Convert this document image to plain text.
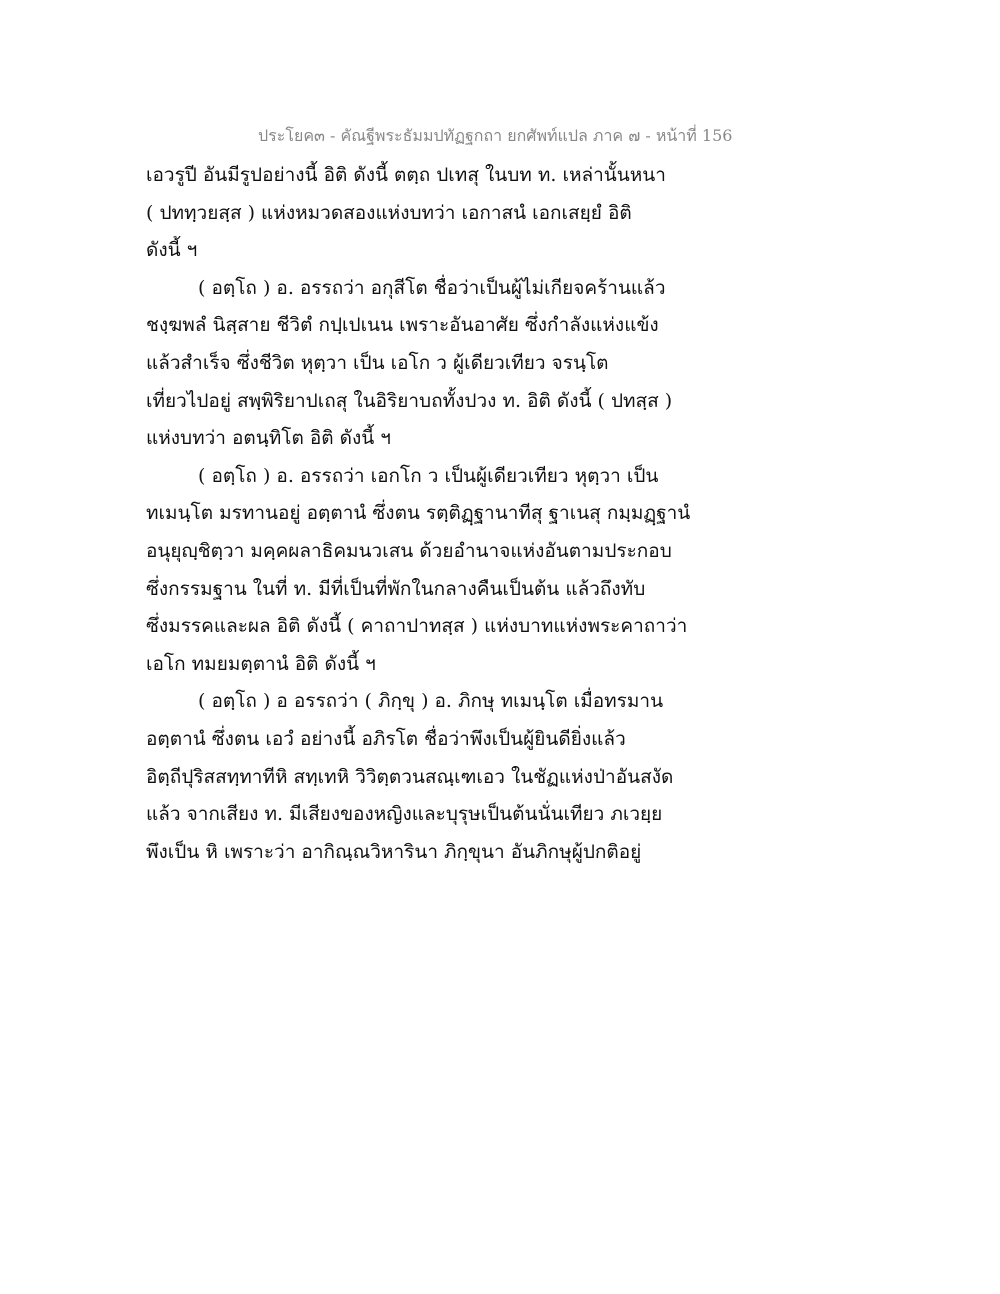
ประโยค๓ - คัณฐีพระธัมมปทัฏฐกถา ยกศัพท์แปล ภาค ๗ - หน้าที่ 156
เอวรูปี อันมีรูปอย่างนี้ อิติ ดังนี้ ตตฺถ ปเทสุ ในบท ท. เหล่านั้นหนา
( ปททฺวยสฺส ) แห่งหมวดสองแห่งบทว่า เอกาสนํ เอกเสยฺยํ อิติ
ดังนี้ ฯ
( อตฺโถ ) อ. อรรถว่า อกุสีโต ชื่อว่าเป็นผู้ไม่เกียจคร้านแล้ว
ชงฺฆพลํ นิสฺสาย ชีวิตํ กปฺเปเนน เพราะอันอาศัย ซึ่งกำลังแห่งแข้ง
แล้วสำเร็จ ซึ่งชีวิต หุตฺวา เป็น เอโก ว ผู้เดียวเทียว จรนฺโต
เที่ยวไปอยู่ สพฺพิริยาปเถสุ ในอิริยาบถทั้งปวง ท. อิติ ดังนี้ ( ปทสฺส )
แห่งบทว่า อตนฺทิโต อิติ ดังนี้ ฯ
( อตฺโถ ) อ. อรรถว่า เอกโก ว เป็นผู้เดียวเทียว หุตฺวา เป็น
ทเมนฺโต มรทานอยู่ อตฺตานํ ซึ่งตน รตฺติฏฺฐานาทีสุ ฐาเนสุ กมฺมฏฺฐานํ
อนุยุญฺชิตฺวา มคฺคผลาธิคมนวเสน ด้วยอำนาจแห่งอันตามประกอบ
ซึ่งกรรมฐาน ในที่ ท. มีที่เป็นที่พักในกลางคืนเป็นต้น แล้วถึงทับ
ซึ่งมรรคและผล อิติ ดังนี้ ( คาถาปาทสฺส ) แห่งบาทแห่งพระคาถาว่า
เอโก ทมยมตฺตานํ อิติ ดังนี้ ฯ
( อตฺโถ ) อ อรรถว่า ( ภิกฺขุ ) อ. ภิกษุ ทเมนฺโต เมื่อทรมาน
อตฺตานํ ซึ่งตน เอวํ อย่างนี้ อภิรโต ชื่อว่าพึงเป็นผู้ยินดียิ่งแล้ว
อิตฺถีปุริสสทฺทาทีหิ สทฺเทหิ วิวิตฺตวนสณฺเฑเอว ในชัฏแห่งป่าอันสงัด
แล้ว จากเสียง ท. มีเสียงของหญิงและบุรุษเป็นต้นนั่นเทียว ภเวยฺย
พึงเป็น หิ เพราะว่า อากิณฺณวิหารินา ภิกฺขุนา อันภิกษุผู้ปกติอยู่
